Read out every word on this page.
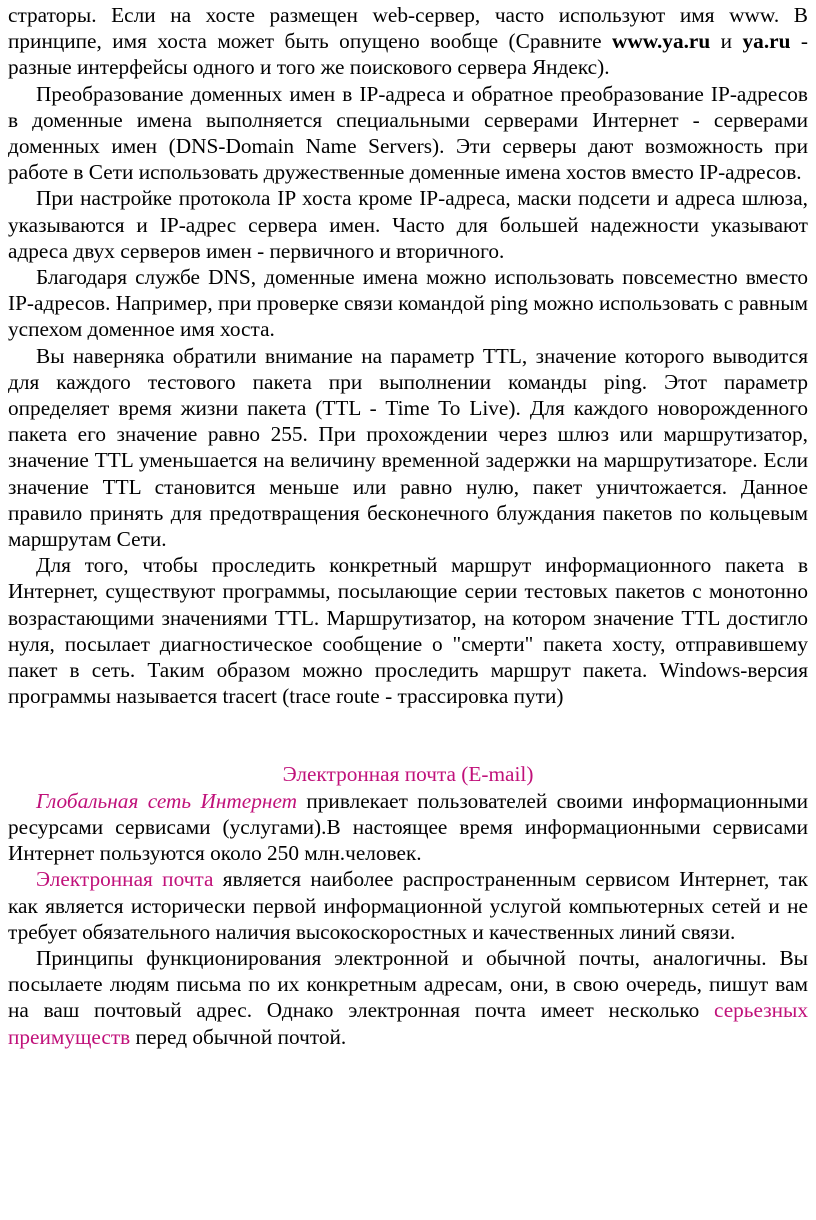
страторы. Если на хосте размещен web-сервер, часто используют имя www. В принципе, имя хоста может быть опущено вообще (Сравните www.ya.ru и ya.ru - разные интерфейсы одного и того же поискового сервера Яндекс).

Преобразование доменных имен в IP-адреса и обратное преобразование IP-адресов в доменные имена выполняется специальными серверами Интернет - серверами доменных имен (DNS-Domain Name Servers). Эти серверы дают возможность при работе в Сети использовать дружественные доменные имена хостов вместо IP-адресов.

При настройке протокола IP хоста кроме IP-адреса, маски подсети и адреса шлюза, указываются и IP-адрес сервера имен. Часто для большей надежности указывают адреса двух серверов имен - первичного и вторичного.

Благодаря службе DNS, доменные имена можно использовать повсеместно вместо IP-адресов. Например, при проверке связи командой ping можно использовать с равным успехом доменное имя хоста.

Вы наверняка обратили внимание на параметр TTL, значение которого выводится для каждого тестового пакета при выполнении команды ping. Этот параметр определяет время жизни пакета (TTL - Time To Live). Для каждого новорожденного пакета его значение равно 255. При прохождении через шлюз или маршрутизатор, значение TTL уменьшается на величину временной задержки на маршрутизаторе. Если значение TTL становится меньше или равно нулю, пакет уничтожается. Данное правило принять для предотвращения бесконечного блуждания пакетов по кольцевым маршрутам Сети.

Для того, чтобы проследить конкретный маршрут информационного пакета в Интернет, существуют программы, посылающие серии тестовых пакетов с монотонно возрастающими значениями TTL. Маршрутизатор, на котором значение TTL достигло нуля, посылает диагностическое сообщение о "смерти" пакета хосту, отправившему пакет в сеть. Таким образом можно проследить маршрут пакета. Windows-версия программы называется tracert (trace route - трассировка пути)

Электронная почта (E-mail)

Глобальная сеть Интернет привлекает пользователей своими информационными ресурсами сервисами (услугами).В настоящее время информационными сервисами Интернет пользуются около 250 млн.человек.

Электронная почта является наиболее распространенным сервисом Интернет, так как является исторически первой информационной услугой компьютерных сетей и не требует обязательного наличия высокоскоростных и качественных линий связи.

Принципы функционирования электронной и обычной почты, аналогичны. Вы посылаете людям письма по их конкретным адресам, они, в свою очередь, пишут вам на ваш почтовый адрес. Однако электронная почта имеет несколько серьезных преимуществ перед обычной почтой.
